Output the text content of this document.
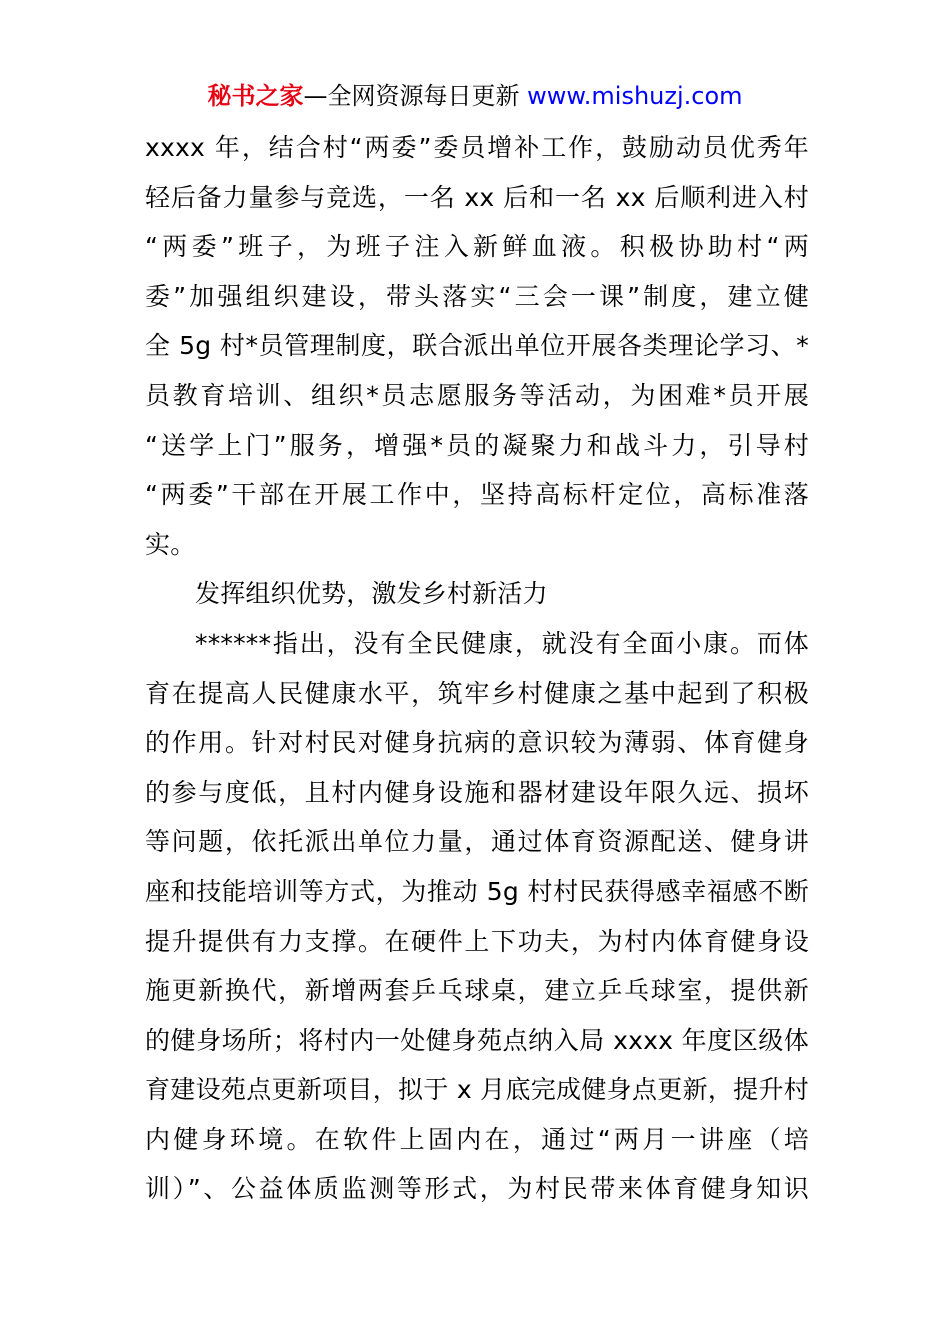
秘书之家—全网资源每日更新 www.mishuzj.com
xxxx 年，结合村“两委”委员增补工作，鼓励动员优秀年
轻后备力量参与竞选，一名 xx 后和一名 xx 后顺利进入村
“两委”班子，为班子注入新鲜血液。积极协助村“两
委”加强组织建设，带头落实“三会一课”制度，建立健
全 5g 村*员管理制度，联合派出单位开展各类理论学习、*
员教育培训、组织*员志愿服务等活动，为困难*员开展
“送学上门”服务，增强*员的凝聚力和战斗力，引导村
“两委”干部在开展工作中，坚持高标杆定位，高标准落
实。
发挥组织优势，激发乡村新活力
******指出，没有全民健康，就没有全面小康。而体
育在提高人民健康水平，筑牢乡村健康之基中起到了积极
的作用。针对村民对健身抗病的意识较为薄弱、体育健身
的参与度低，且村内健身设施和器材建设年限久远、损坏
等问题，依托派出单位力量，通过体育资源配送、健身讲
座和技能培训等方式，为推动 5g 村村民获得感幸福感不断
提升提供有力支撑。在硬件上下功夫，为村内体育健身设
施更新换代，新增两套乒乓球桌，建立乒乓球室，提供新
的健身场所；将村内一处健身苑点纳入局 xxxx 年度区级体
育建设苑点更新项目，拟于 x 月底完成健身点更新，提升村
内健身环境。在软件上固内在，通过“两月一讲座（培
训）”、公益体质监测等形式，为村民带来体育健身知识
